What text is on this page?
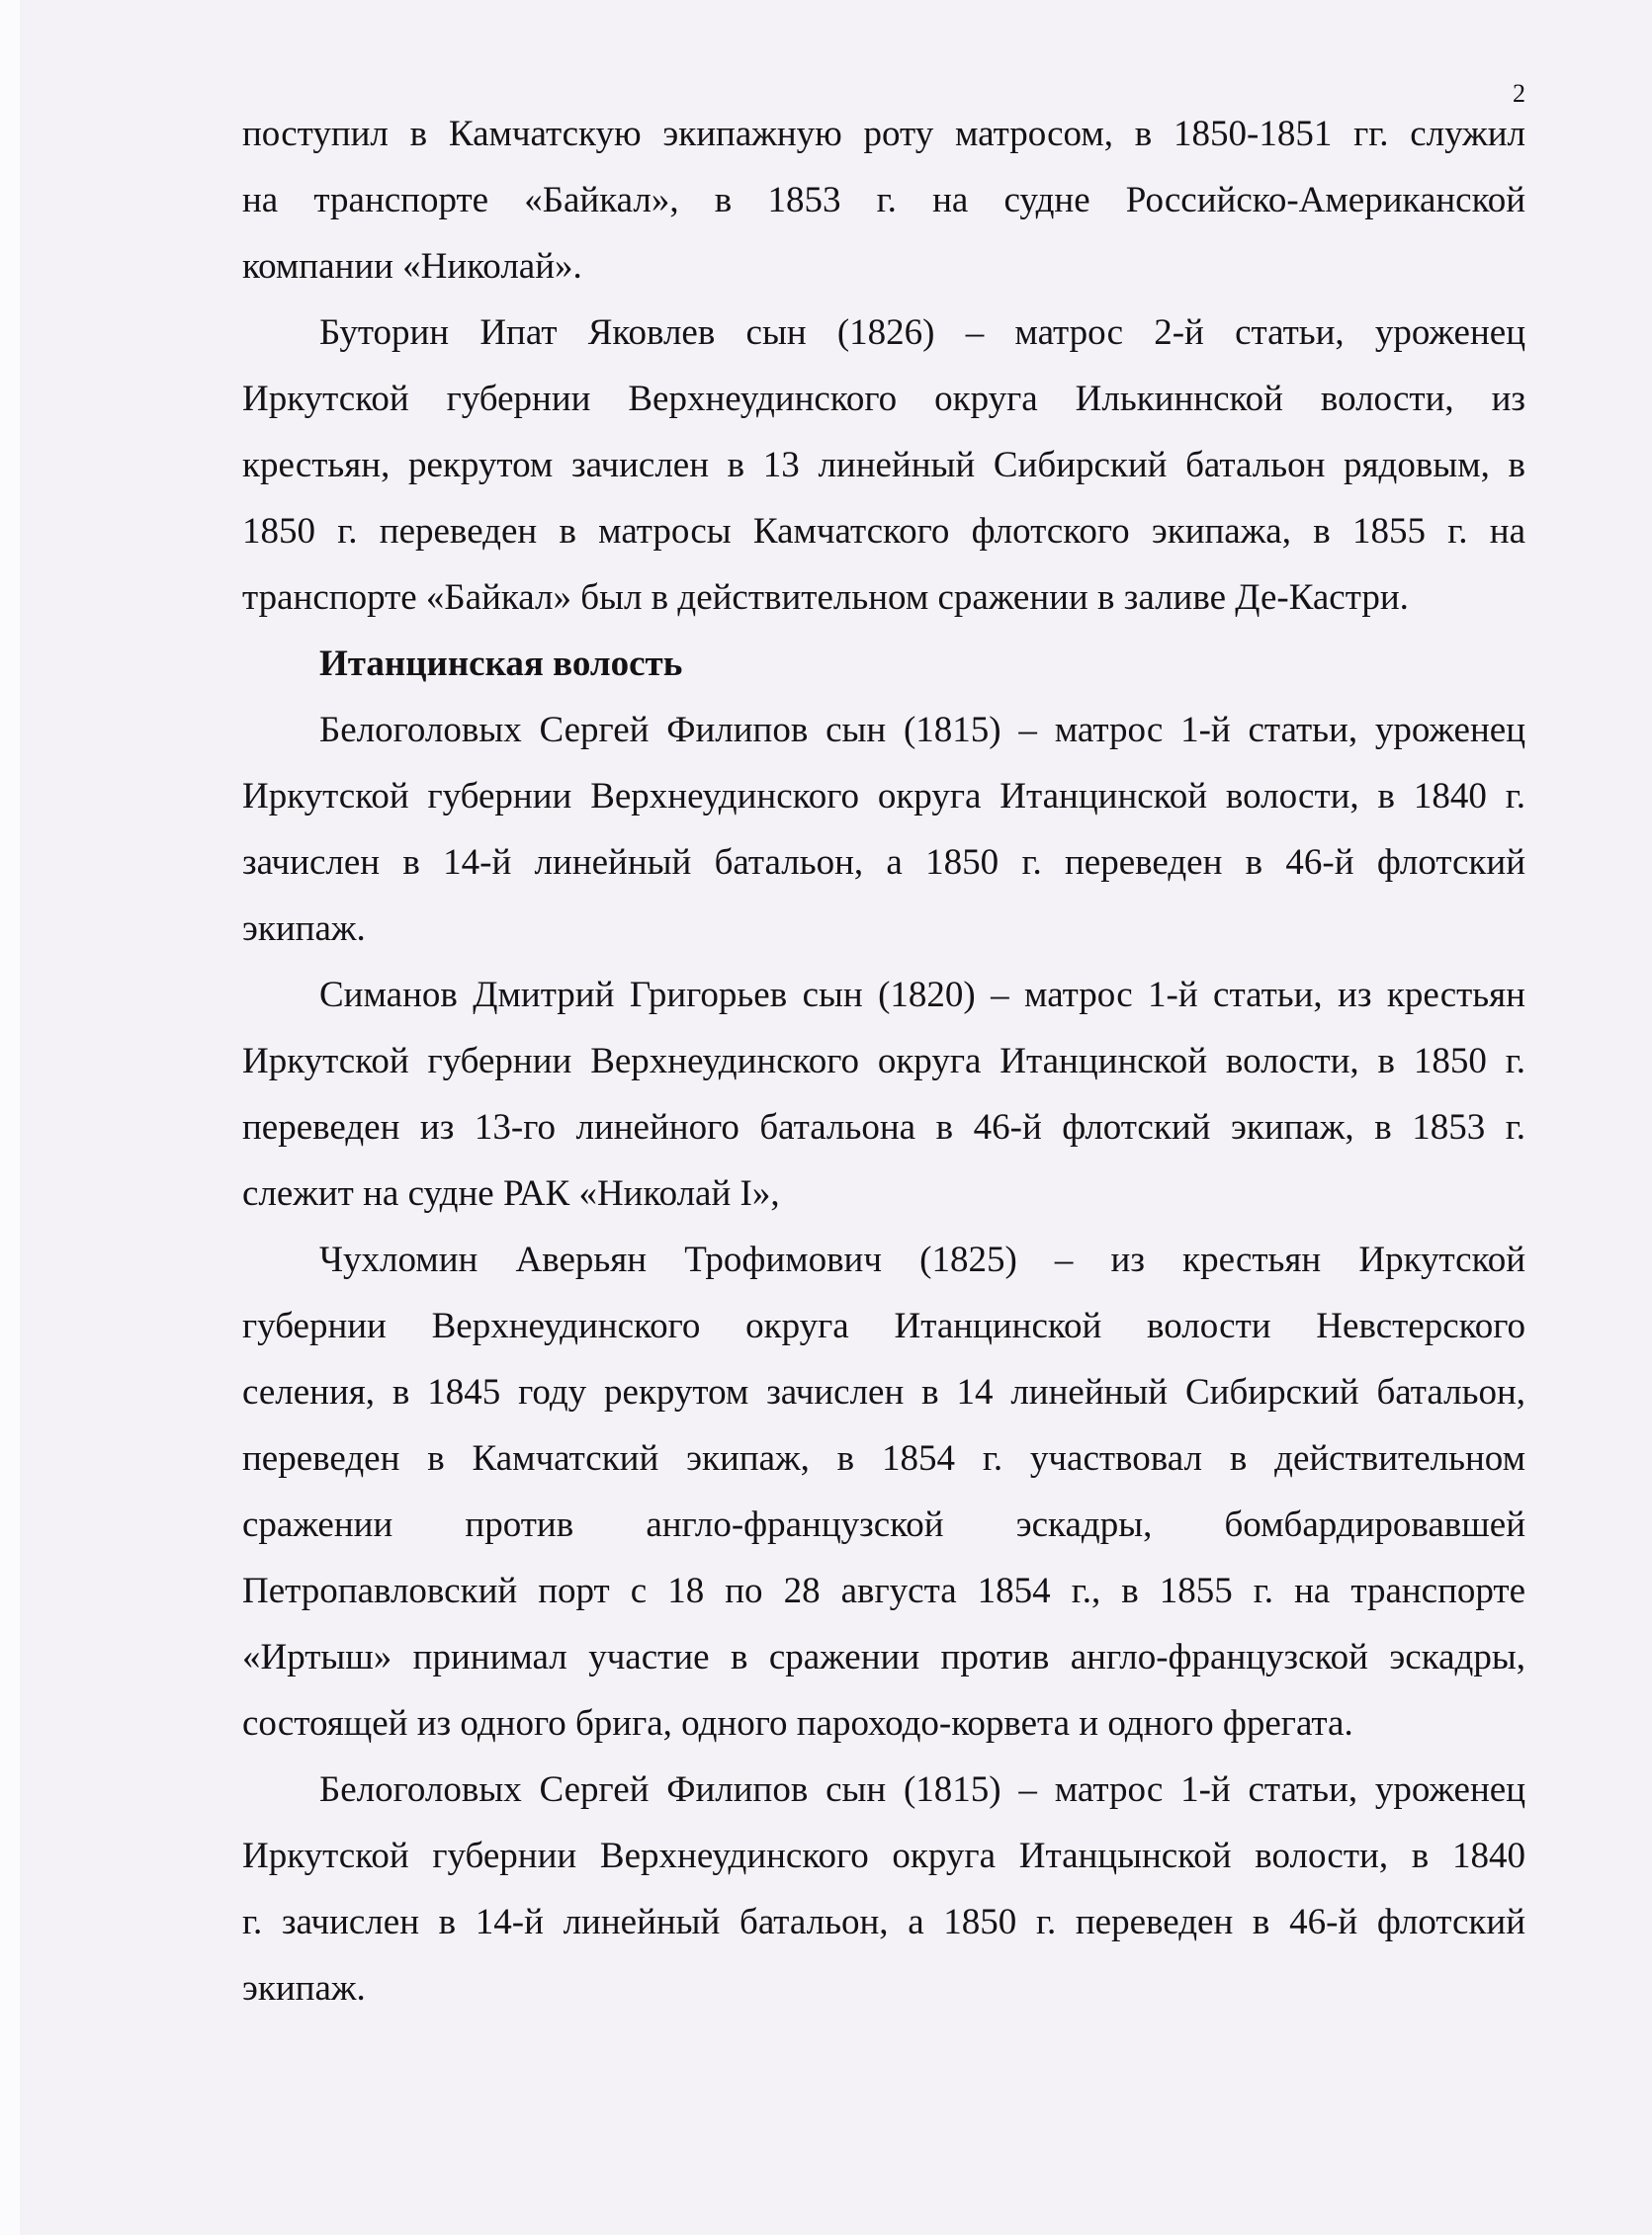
2
поступил в Камчатскую экипажную роту матросом, в 1850-1851 гг. служил
на транспорте «Байкал», в 1853 г. на судне Российско-Американской
компании «Николай».
Буторин Ипат Яковлев сын (1826) – матрос 2-й статьи, уроженец
Иркутской губернии Верхнеудинского округа Илькиннской волости, из
крестьян, рекрутом зачислен в 13 линейный Сибирский батальон рядовым, в
1850 г. переведен в матросы Камчатского флотского экипажа, в 1855 г. на
транспорте «Байкал» был в действительном сражении в заливе Де-Кастри.
Итанцинская волость
Белоголовых Сергей Филипов сын (1815) – матрос 1-й статьи, уроженец
Иркутской губернии Верхнеудинского округа Итанцинской волости, в 1840 г.
зачислен в 14-й линейный батальон, а 1850 г. переведен в 46-й флотский
экипаж.
Симанов Дмитрий Григорьев сын (1820) – матрос 1-й статьи, из крестьян
Иркутской губернии Верхнеудинского округа Итанцинской волости, в 1850 г.
переведен из 13-го линейного батальона в 46-й флотский экипаж, в 1853 г.
слежит на судне РАК «Николай I»,
Чухломин Аверьян Трофимович (1825) – из крестьян Иркутской
губернии Верхнеудинского округа Итанцинской волости Невстерского
селения, в 1845 году рекрутом зачислен в 14 линейный Сибирский батальон,
переведен в Камчатский экипаж, в 1854 г. участвовал в действительном
сражении против англо-французской эскадры, бомбардировавшей
Петропавловский порт с 18 по 28 августа 1854 г., в 1855 г. на транспорте
«Иртыш» принимал участие в сражении против англо-французской эскадры,
состоящей из одного брига, одного пароходо-корвета и одного фрегата.
Белоголовых Сергей Филипов сын (1815) – матрос 1-й статьи, уроженец
Иркутской губернии Верхнеудинского округа Итанцынской волости, в 1840
г. зачислен в 14-й линейный батальон, а 1850 г. переведен в 46-й флотский
экипаж.
